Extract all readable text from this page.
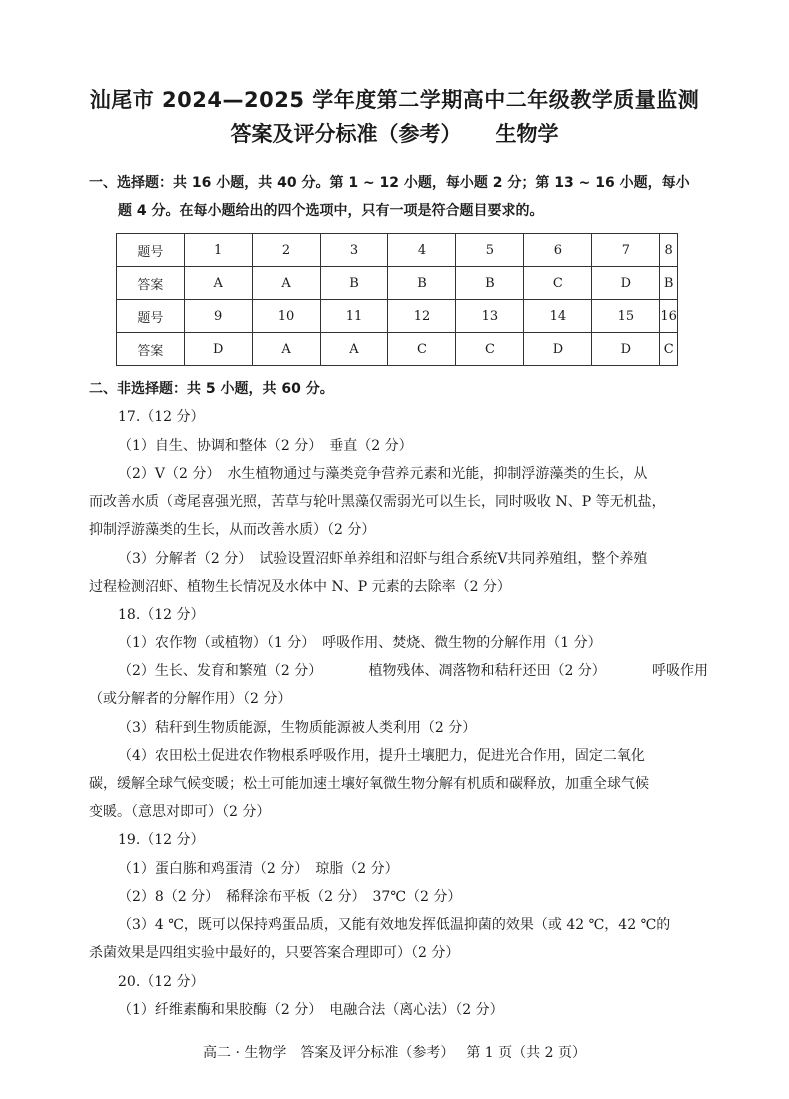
汕尾市 2024—2025 学年度第二学期高中二年级教学质量监测
答案及评分标准（参考） 生物学
一、选择题：共 16 小题，共 40 分。第 1 ~ 12 小题，每小题 2 分；第 13 ~ 16 小题，每小
题 4 分。在每小题给出的四个选项中，只有一项是符合题目要求的。
题号	1	2	3	4	5	6	7	8
答案	A	A	B	B	B	C	D	B
题号	9	10	11	12	13	14	15	16
答案	D	A	A	C	C	D	D	C
二、非选择题：共 5 小题，共 60 分。
17.（12 分）
（1）自生、协调和整体（2 分）　垂直（2 分）
（2）Ⅴ（2 分）　水生植物通过与藻类竞争营养元素和光能，抑制浮游藻类的生长，从
而改善水质（鸢尾喜强光照，苦草与轮叶黑藻仅需弱光可以生长，同时吸收 N、P 等无机盐，
抑制浮游藻类的生长，从而改善水质）（2 分）
（3）分解者（2 分）　试验设置沼虾单养组和沼虾与组合系统Ⅴ共同养殖组，整个养殖
过程检测沼虾、植物生长情况及水体中 N、P 元素的去除率（2 分）
18.（12 分）
（1）农作物（或植物）（1 分）　呼吸作用、焚烧、微生物的分解作用（1 分）
（2）生长、发育和繁殖（2 分）	植物残体、凋落物和秸秆还田（2 分）	呼吸作用
（或分解者的分解作用）（2 分）
（3）秸秆到生物质能源，生物质能源被人类利用（2 分）
（4）农田松土促进农作物根系呼吸作用，提升土壤肥力，促进光合作用，固定二氧化
碳，缓解全球气候变暖；松土可能加速土壤好氧微生物分解有机质和碳释放，加重全球气候
变暖。（意思对即可）（2 分）
19.（12 分）
（1）蛋白胨和鸡蛋清（2 分）　琼脂（2 分）
（2）8（2 分）　稀释涂布平板（2 分）　37℃（2 分）
（3）4 ℃，既可以保持鸡蛋品质，又能有效地发挥低温抑菌的效果（或 42 ℃，42 ℃的
杀菌效果是四组实验中最好的，只要答案合理即可）（2 分）
20.（12 分）
（1）纤维素酶和果胶酶（2 分）　电融合法（离心法）（2 分）
高二 · 生物学　答案及评分标准（参考） 第 1 页（共 2 页）
